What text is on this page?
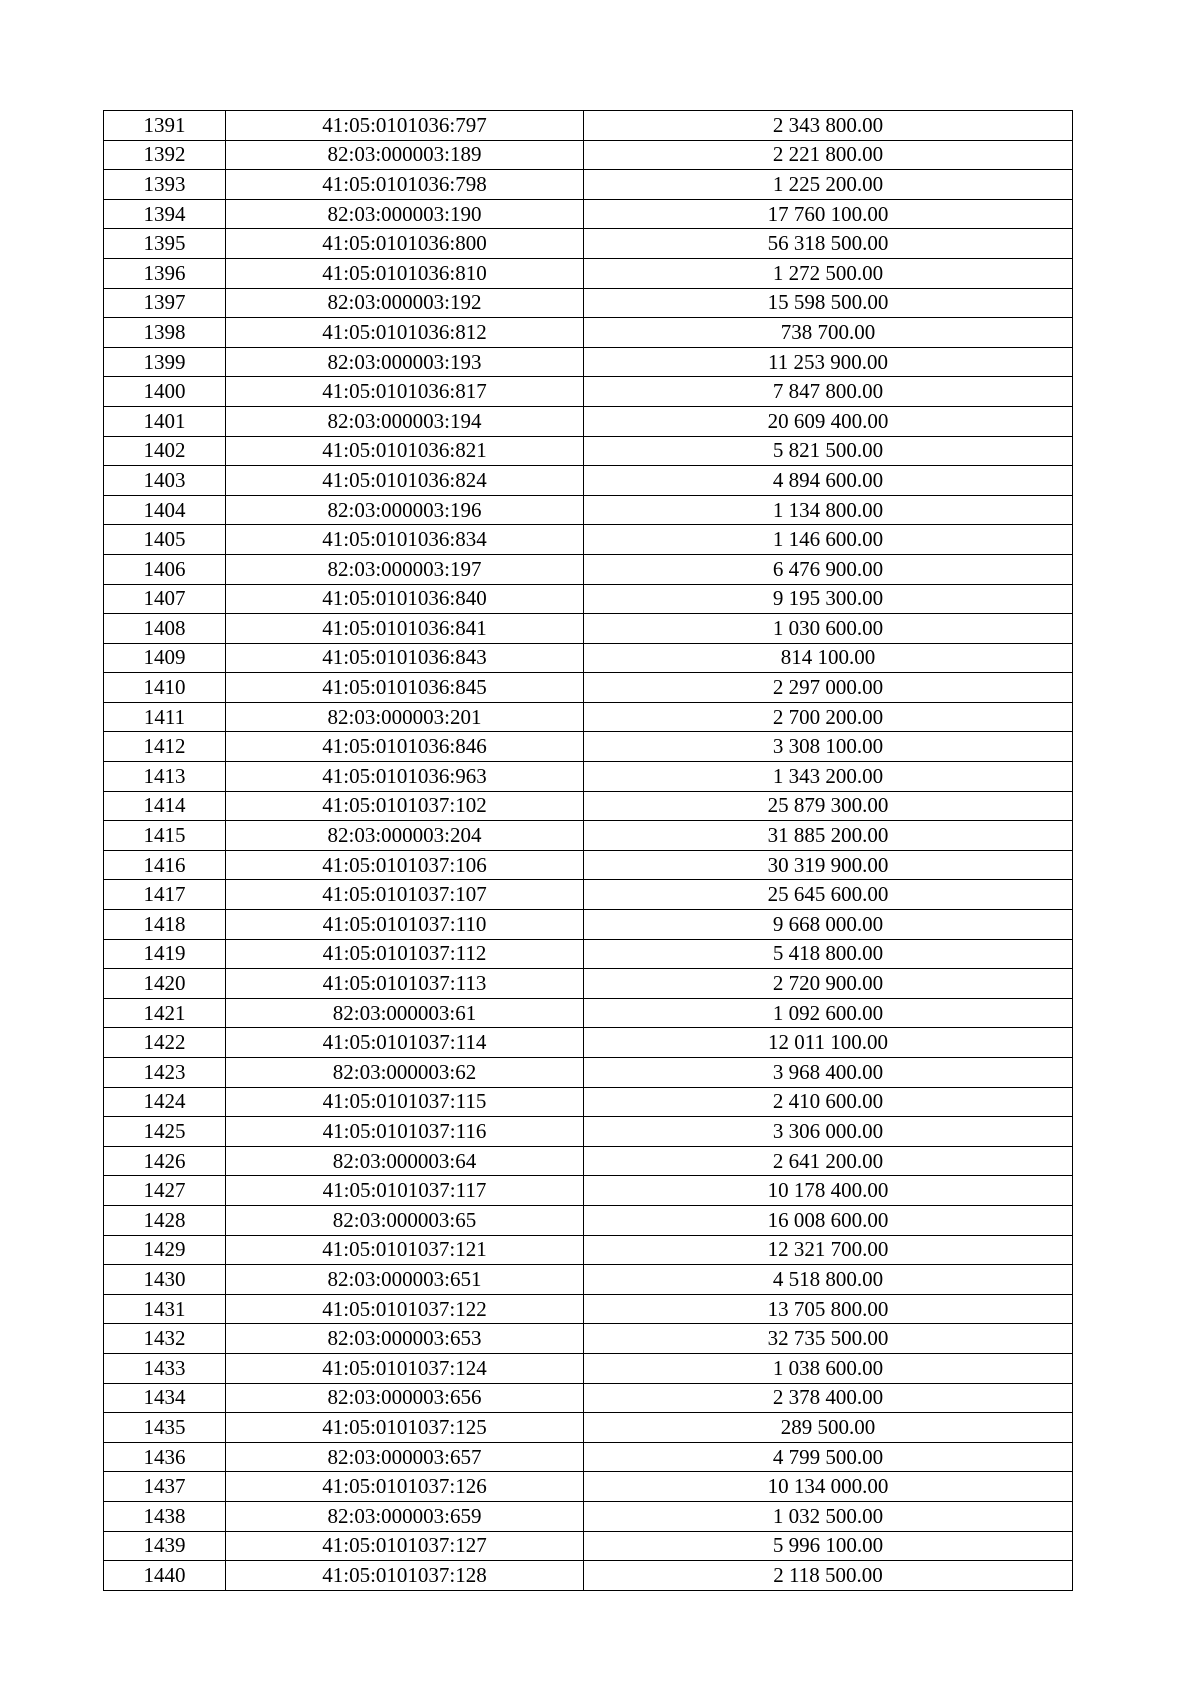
1391	41:05:0101036:797	2 343 800.00
1392	82:03:000003:189	2 221 800.00
1393	41:05:0101036:798	1 225 200.00
1394	82:03:000003:190	17 760 100.00
1395	41:05:0101036:800	56 318 500.00
1396	41:05:0101036:810	1 272 500.00
1397	82:03:000003:192	15 598 500.00
1398	41:05:0101036:812	738 700.00
1399	82:03:000003:193	11 253 900.00
1400	41:05:0101036:817	7 847 800.00
1401	82:03:000003:194	20 609 400.00
1402	41:05:0101036:821	5 821 500.00
1403	41:05:0101036:824	4 894 600.00
1404	82:03:000003:196	1 134 800.00
1405	41:05:0101036:834	1 146 600.00
1406	82:03:000003:197	6 476 900.00
1407	41:05:0101036:840	9 195 300.00
1408	41:05:0101036:841	1 030 600.00
1409	41:05:0101036:843	814 100.00
1410	41:05:0101036:845	2 297 000.00
1411	82:03:000003:201	2 700 200.00
1412	41:05:0101036:846	3 308 100.00
1413	41:05:0101036:963	1 343 200.00
1414	41:05:0101037:102	25 879 300.00
1415	82:03:000003:204	31 885 200.00
1416	41:05:0101037:106	30 319 900.00
1417	41:05:0101037:107	25 645 600.00
1418	41:05:0101037:110	9 668 000.00
1419	41:05:0101037:112	5 418 800.00
1420	41:05:0101037:113	2 720 900.00
1421	82:03:000003:61	1 092 600.00
1422	41:05:0101037:114	12 011 100.00
1423	82:03:000003:62	3 968 400.00
1424	41:05:0101037:115	2 410 600.00
1425	41:05:0101037:116	3 306 000.00
1426	82:03:000003:64	2 641 200.00
1427	41:05:0101037:117	10 178 400.00
1428	82:03:000003:65	16 008 600.00
1429	41:05:0101037:121	12 321 700.00
1430	82:03:000003:651	4 518 800.00
1431	41:05:0101037:122	13 705 800.00
1432	82:03:000003:653	32 735 500.00
1433	41:05:0101037:124	1 038 600.00
1434	82:03:000003:656	2 378 400.00
1435	41:05:0101037:125	289 500.00
1436	82:03:000003:657	4 799 500.00
1437	41:05:0101037:126	10 134 000.00
1438	82:03:000003:659	1 032 500.00
1439	41:05:0101037:127	5 996 100.00
1440	41:05:0101037:128	2 118 500.00
